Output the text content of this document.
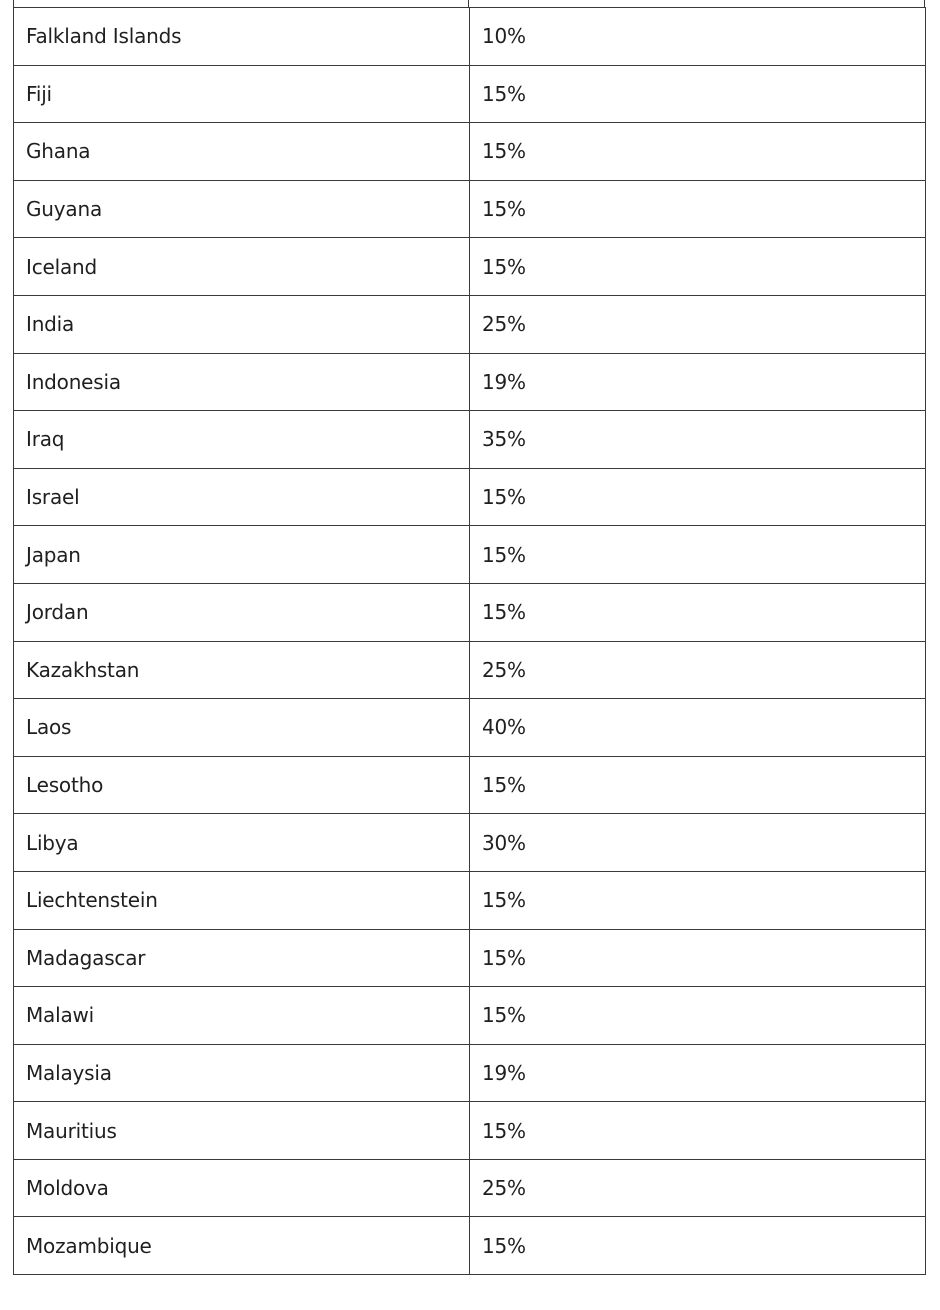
Falkland Islands	10%
Fiji	15%
Ghana	15%
Guyana	15%
Iceland	15%
India	25%
Indonesia	19%
Iraq	35%
Israel	15%
Japan	15%
Jordan	15%
Kazakhstan	25%
Laos	40%
Lesotho	15%
Libya	30%
Liechtenstein	15%
Madagascar	15%
Malawi	15%
Malaysia	19%
Mauritius	15%
Moldova	25%
Mozambique	15%
